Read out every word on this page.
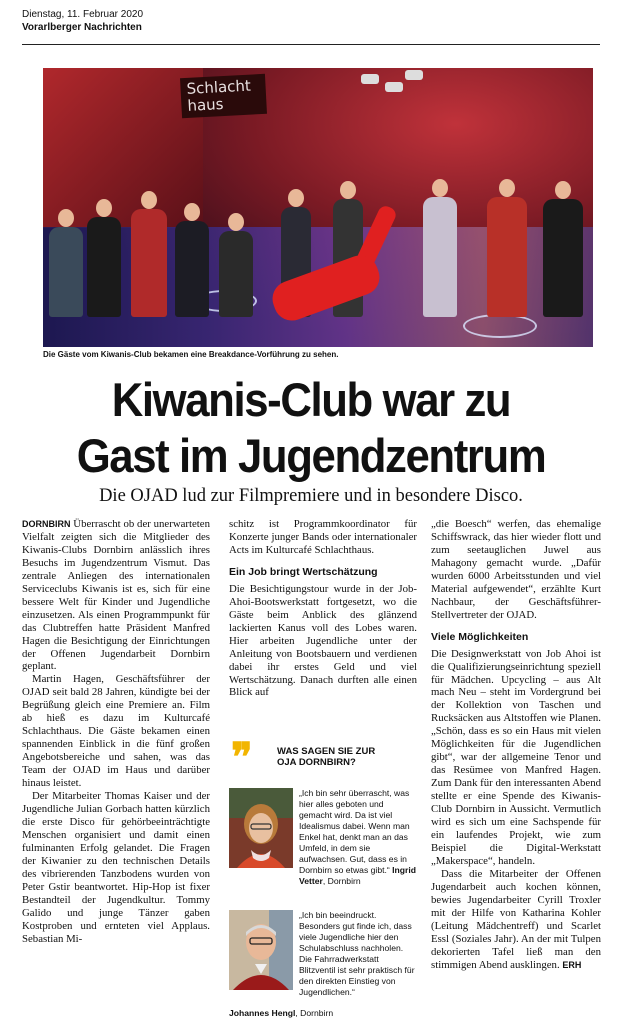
Dienstag, 11. Februar 2020
Vorarlberger Nachrichten
Schlacht haus
Die Gäste vom Kiwanis-Club bekamen eine Breakdance-Vorführung zu sehen.
Kiwanis-Club war zu
Gast im Jugendzentrum
Die OJAD lud zur Filmpremiere und in besondere Disco.

DORNBIRN Überrascht ob der unerwarteten Vielfalt zeigten sich die Mitglieder des Kiwanis-Clubs Dornbirn anlässlich ihres Besuchs im Jugendzentrum Vismut. Das zentrale Anliegen des internationalen Serviceclubs Kiwanis ist es, sich für eine bessere Welt für Kinder und Jugendliche einzusetzen. Als einen Programmpunkt für das Clubtreffen hatte Präsident Manfred Hagen die Besichtigung der Einrichtungen der Offenen Jugendarbeit Dornbirn geplant.

Martin Hagen, Geschäftsführer der OJAD seit bald 28 Jahren, kündigte bei der Begrüßung gleich eine Premiere an. Film ab hieß es dazu im Kulturcafé Schlachthaus. Die Gäste bekamen einen spannenden Einblick in die fünf großen Angebotsbereiche und sahen, was das Team der OJAD im Haus und darüber hinaus leistet.

Der Mitarbeiter Thomas Kaiser und der Jugendliche Julian Gorbach hatten kürzlich die erste Disco für gehörbeeinträchtigte Menschen organisiert und damit einen fulminanten Erfolg gelandet. Die Fragen der Kiwanier zu den technischen Details des vibrierenden Tanzbodens wurden von Peter Gstir beantwortet. Hip-Hop ist fixer Bestandteil der Jugendkultur. Tommy Galido und junge Tänzer gaben Kostproben und ernteten viel Applaus. Sebastian Mi-

schitz ist Programmkoordinator für Konzerte junger Bands oder internationaler Acts im Kulturcafé Schlachthaus.

Ein Job bringt Wertschätzung

Die Besichtigungstour wurde in der Job-Ahoi-Bootswerkstatt fortgesetzt, wo die Gäste beim Anblick des glänzend lackierten Kanus voll des Lobes waren. Hier arbeiten Jugendliche unter der Anleitung von Bootsbauern und verdienen dabei ihr erstes Geld und viel Wertschätzung. Danach durften alle einen Blick auf

❞	WAS SAGEN SIE ZUR
OJA DORNBIRN?
„Ich bin sehr überrascht, was hier alles geboten und gemacht wird. Da ist viel Idealismus dabei. Wenn man Enkel hat, denkt man an das Umfeld, in dem sie aufwachsen. Gut, dass es in Dornbirn so etwas gibt.“ Ingrid Vetter, Dornbirn
„Ich bin beeindruckt. Besonders gut finde ich, dass viele Jugendliche hier den Schulabschluss nachholen. Die Fahrradwerkstatt Blitzventil ist sehr praktisch für den direkten Einstieg von Jugendlichen.“
Johannes Hengl, Dornbirn

„die Boesch“ werfen, das ehemalige Schiffswrack, das hier wieder flott und zum seetauglichen Juwel aus Mahagony gemacht wurde. „Dafür wurden 6000 Arbeitsstunden und viel Material aufgewendet“, erzählte Kurt Nachbaur, der Geschäftsführer-Stellvertreter der OJAD.

Viele Möglichkeiten

Die Designwerkstatt von Job Ahoi ist die Qualifizierungseinrichtung speziell für Mädchen. Upcycling – aus Alt mach Neu – steht im Vordergrund bei der Kollektion von Taschen und Rucksäcken aus Altstoffen wie Planen. „Schön, dass es so ein Haus mit vielen Möglichkeiten für die Jugendlichen gibt“, war der allgemeine Tenor und das Resümee von Manfred Hagen. Zum Dank für den interessanten Abend stellte er eine Spende des Kiwanis-Club Dornbirn in Aussicht. Vermutlich wird es sich um eine Sachspende für ein laufendes Projekt, wie zum Beispiel die Digital-Werkstatt „Makerspace“, handeln.

Dass die Mitarbeiter der Offenen Jugendarbeit auch kochen können, bewies Jugendarbeiter Cyrill Troxler mit der Hilfe von Katharina Kohler (Leitung Mädchentreff) und Scarlet Essl (Soziales Jahr). An der mit Tulpen dekorierten Tafel ließ man den stimmigen Abend ausklingen. ERH
